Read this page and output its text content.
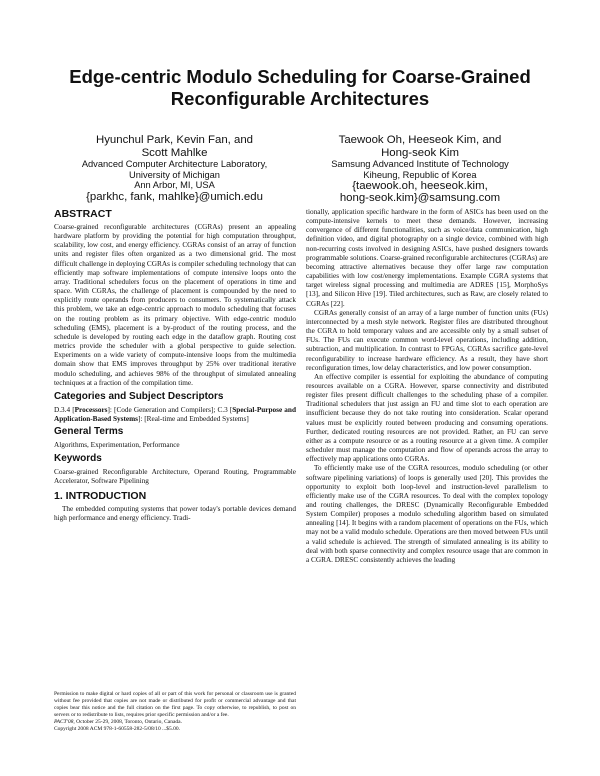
Edge-centric Modulo Scheduling for Coarse-Grained Reconfigurable Architectures
Hyunchul Park, Kevin Fan, and
Scott Mahlke
Advanced Computer Architecture Laboratory,
University of Michigan
Ann Arbor, MI, USA
{parkhc, fank, mahlke}@umich.edu
Taewook Oh, Heeseok Kim, and
Hong-seok Kim
Samsung Advanced Institute of Technology
Kiheung, Republic of Korea
{taewook.oh, heeseok.kim,
hong-seok.kim}@samsung.com
ABSTRACT

Coarse-grained reconfigurable architectures (CGRAs) present an appealing hardware platform by providing the potential for high computation throughput, scalability, low cost, and energy efficiency. CGRAs consist of an array of function units and register files often organized as a two dimensional grid. The most difficult challenge in deploying CGRAs is compiler scheduling technology that can efficiently map software implementations of compute intensive loops onto the array. Traditional schedulers focus on the placement of operations in time and space. With CGRAs, the challenge of placement is compounded by the need to explicitly route operands from producers to consumers. To systematically attack this problem, we take an edge-centric approach to modulo scheduling that focuses on the routing problem as its primary objective. With edge-centric modulo scheduling (EMS), placement is a by-product of the routing process, and the schedule is developed by routing each edge in the dataflow graph. Routing cost metrics provide the scheduler with a global perspective to guide selection. Experiments on a wide variety of compute-intensive loops from the multimedia domain show that EMS improves throughput by 25% over traditional iterative modulo scheduling, and achieves 98% of the throughput of simulated annealing techniques at a fraction of the compilation time.

Categories and Subject Descriptors

D.3.4 [Processors]: [Code Generation and Compilers]; C.3 [Special-Purpose and Application-Based Systems]: [Real-time and Embedded Systems]

General Terms

Algorithms, Experimentation, Performance

Keywords

Coarse-grained Reconfigurable Architecture, Operand Routing, Programmable Accelerator, Software Pipelining

1. INTRODUCTION

The embedded computing systems that power today's portable devices demand high performance and energy efficiency. Tradi-

Permission to make digital or hard copies of all or part of this work for personal or classroom use is granted without fee provided that copies are not made or distributed for profit or commercial advantage and that copies bear this notice and the full citation on the first page. To copy otherwise, to republish, to post on servers or to redistribute to lists, requires prior specific permission and/or a fee.
PACT'08, October 25-29, 2008, Toronto, Ontario, Canada.
Copyright 2008 ACM 978-1-60558-282-5/08/10 ...$5.00.

tionally, application specific hardware in the form of ASICs has been used on the compute-intensive kernels to meet these demands. However, increasing convergence of different functionalities, such as voice/data communication, high definition video, and digital photography on a single device, combined with high non-recurring costs involved in designing ASICs, have pushed designers towards programmable solutions. Coarse-grained reconfigurable architectures (CGRAs) are becoming attractive alternatives because they offer large raw computation capabilities with low cost/energy implementations. Example CGRA systems that target wireless signal processing and multimedia are ADRES [15], MorphoSys [13], and Silicon Hive [19]. Tiled architectures, such as Raw, are closely related to CGRAs [22].

CGRAs generally consist of an array of a large number of function units (FUs) interconnected by a mesh style network. Register files are distributed throughout the CGRA to hold temporary values and are accessible only by a small subset of FUs. The FUs can execute common word-level operations, including addition, subtraction, and multiplication. In contrast to FPGAs, CGRAs sacrifice gate-level reconfigurability to increase hardware efficiency. As a result, they have short reconfiguration times, low delay characteristics, and low power consumption.

An effective compiler is essential for exploiting the abundance of computing resources available on a CGRA. However, sparse connectivity and distributed register files present difficult challenges to the scheduling phase of a compiler. Traditional schedulers that just assign an FU and time slot to each operation are insufficient because they do not take routing into consideration. Scalar operand values must be explicitly routed between producing and consuming operations. Further, dedicated routing resources are not provided. Rather, an FU can serve either as a compute resource or as a routing resource at a given time. A compiler scheduler must manage the computation and flow of operands across the array to effectively map applications onto CGRAs.

To efficiently make use of the CGRA resources, modulo scheduling (or other software pipelining variations) of loops is generally used [20]. This provides the opportunity to exploit both loop-level and instruction-level parallelism to efficiently make use of the CGRA resources. To deal with the complex topology and routing challenges, the DRESC (Dynamically Reconfigurable Embedded System Compiler) proposes a modulo scheduling algorithm based on simulated annealing [14]. It begins with a random placement of operations on the FUs, which may not be a valid modulo schedule. Operations are then moved between FUs until a valid schedule is achieved. The strength of simulated annealing is its ability to deal with both sparse connectivity and complex resource usage that are common in a CGRA. DRESC consistently achieves the leading
